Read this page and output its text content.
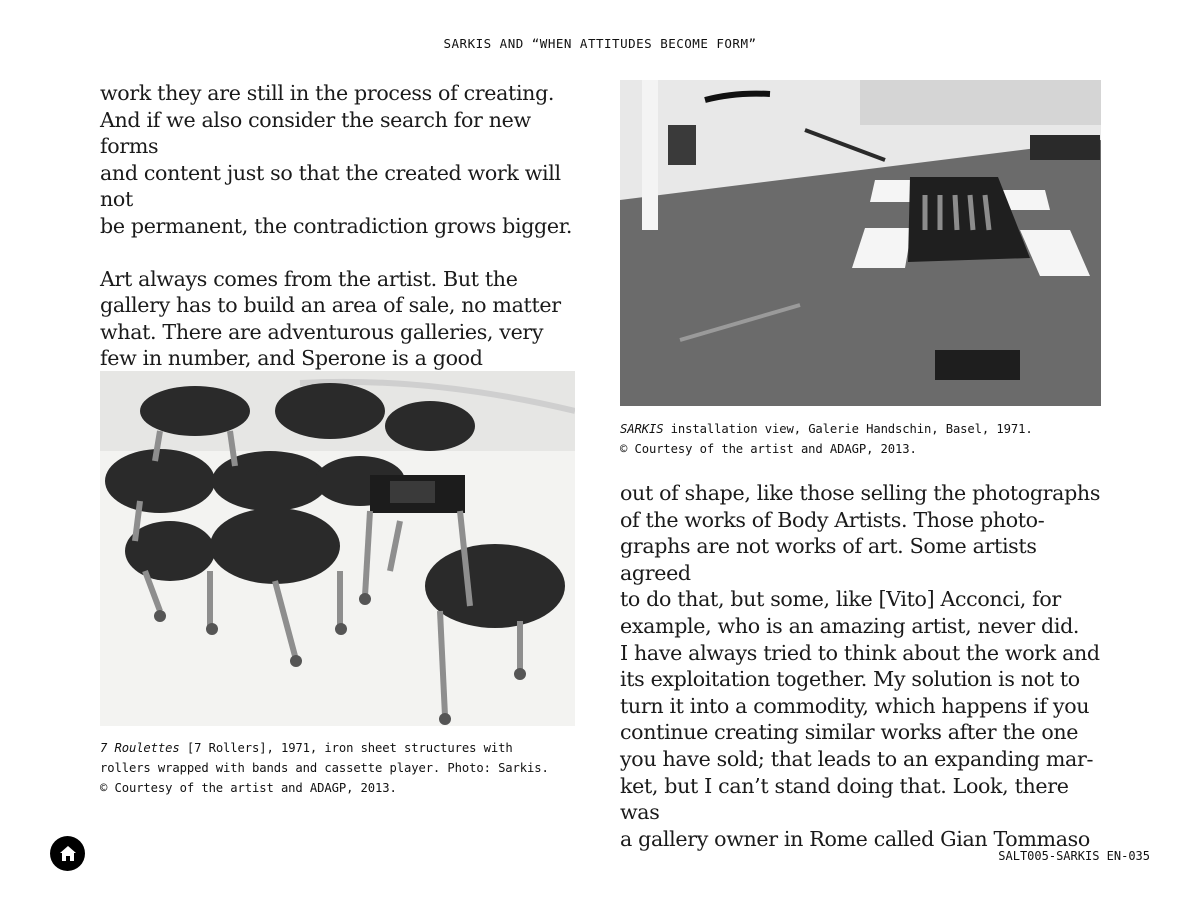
SARKIS AND “WHEN ATTITUDES BECOME FORM”

work they are still in the process of creating.
And if we also consider the search for new forms
and content just so that the created work will not
be permanent, the contradiction grows bigger.

Art always comes from the artist. But the
gallery has to build an area of sale, no matter
what. There are adventurous galleries, very
few in number, and Sperone is a good

7 Roulettes [7 Rollers], 1971, iron sheet structures with
rollers wrapped with bands and cassette player. Photo: Sarkis.
© Courtesy of the artist and ADAGP, 2013.
SARKIS installation view, Galerie Handschin, Basel, 1971.
© Courtesy of the artist and ADAGP, 2013.

out of shape, like those selling the photographs
of the works of Body Artists. Those photo-
graphs are not works of art. Some artists agreed
to do that, but some, like [Vito] Acconci, for
example, who is an amazing artist, never did.
I have always tried to think about the work and
its exploitation together. My solution is not to
turn it into a commodity, which happens if you
continue creating similar works after the one
you have sold; that leads to an expanding mar-
ket, but I can’t stand doing that. Look, there was
a gallery owner in Rome called Gian Tommaso

SALT005-SARKIS EN-035
